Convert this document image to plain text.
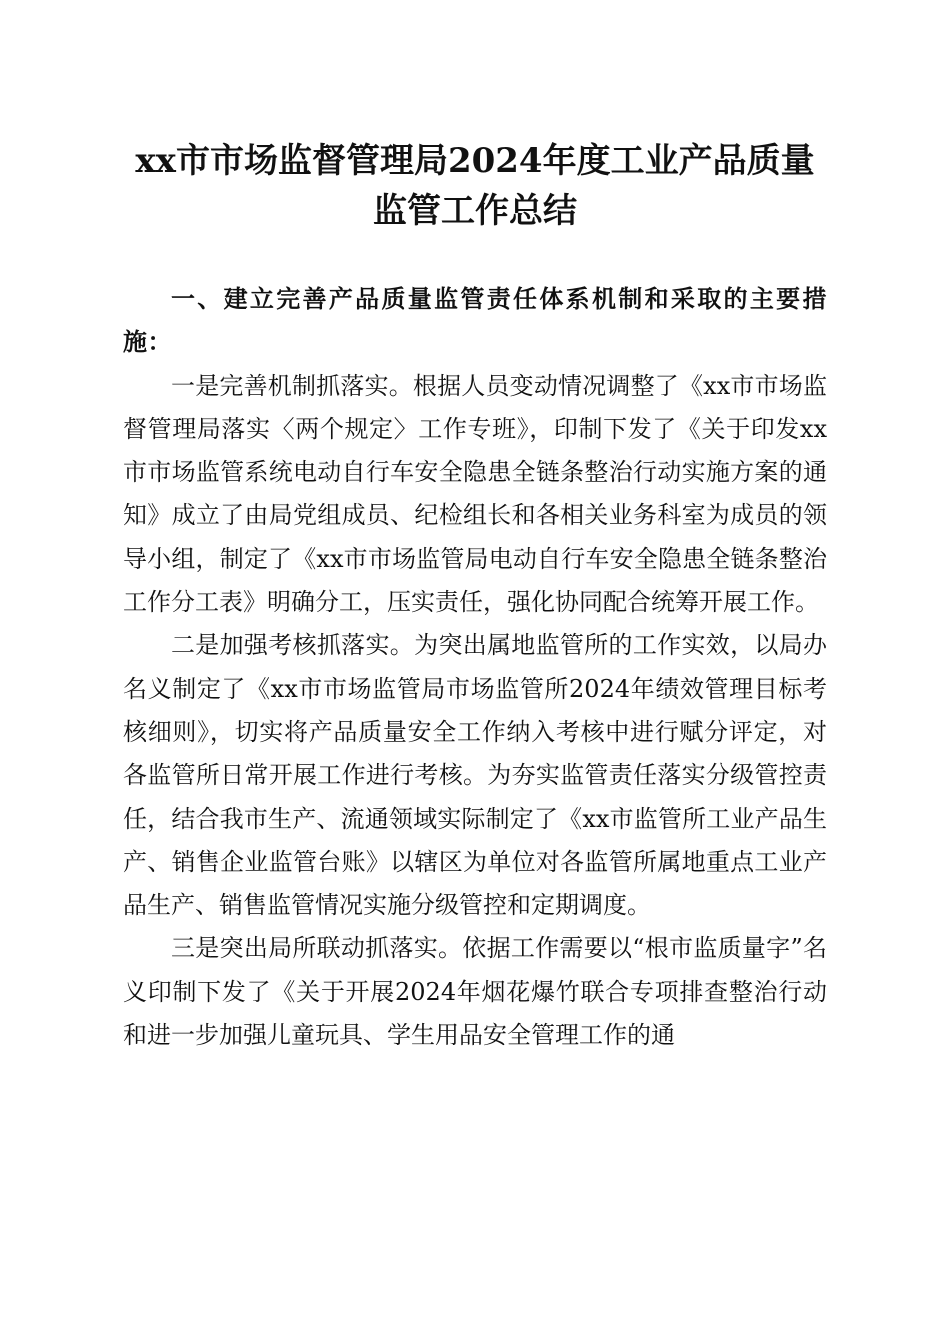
xx市市场监督管理局2024年度工业产品质量
监管工作总结

一、建立完善产品质量监管责任体系机制和采取的主要措施：

一是完善机制抓落实。根据人员变动情况调整了《xx市市场监督管理局落实〈两个规定〉工作专班》，印制下发了《关于印发xx市市场监管系统电动自行车安全隐患全链条整治行动实施方案的通知》成立了由局党组成员、纪检组长和各相关业务科室为成员的领导小组，制定了《xx市市场监管局电动自行车安全隐患全链条整治工作分工表》明确分工，压实责任，强化协同配合统筹开展工作。

二是加强考核抓落实。为突出属地监管所的工作实效，以局办名义制定了《xx市市场监管局市场监管所2024年绩效管理目标考核细则》，切实将产品质量安全工作纳入考核中进行赋分评定，对各监管所日常开展工作进行考核。为夯实监管责任落实分级管控责任，结合我市生产、流通领域实际制定了《xx市监管所工业产品生产、销售企业监管台账》以辖区为单位对各监管所属地重点工业产品生产、销售监管情况实施分级管控和定期调度。

三是突出局所联动抓落实。依据工作需要以“根市监质量字”名义印制下发了《关于开展2024年烟花爆竹联合专项排查整治行动和进一步加强儿童玩具、学生用品安全管理工作的通
